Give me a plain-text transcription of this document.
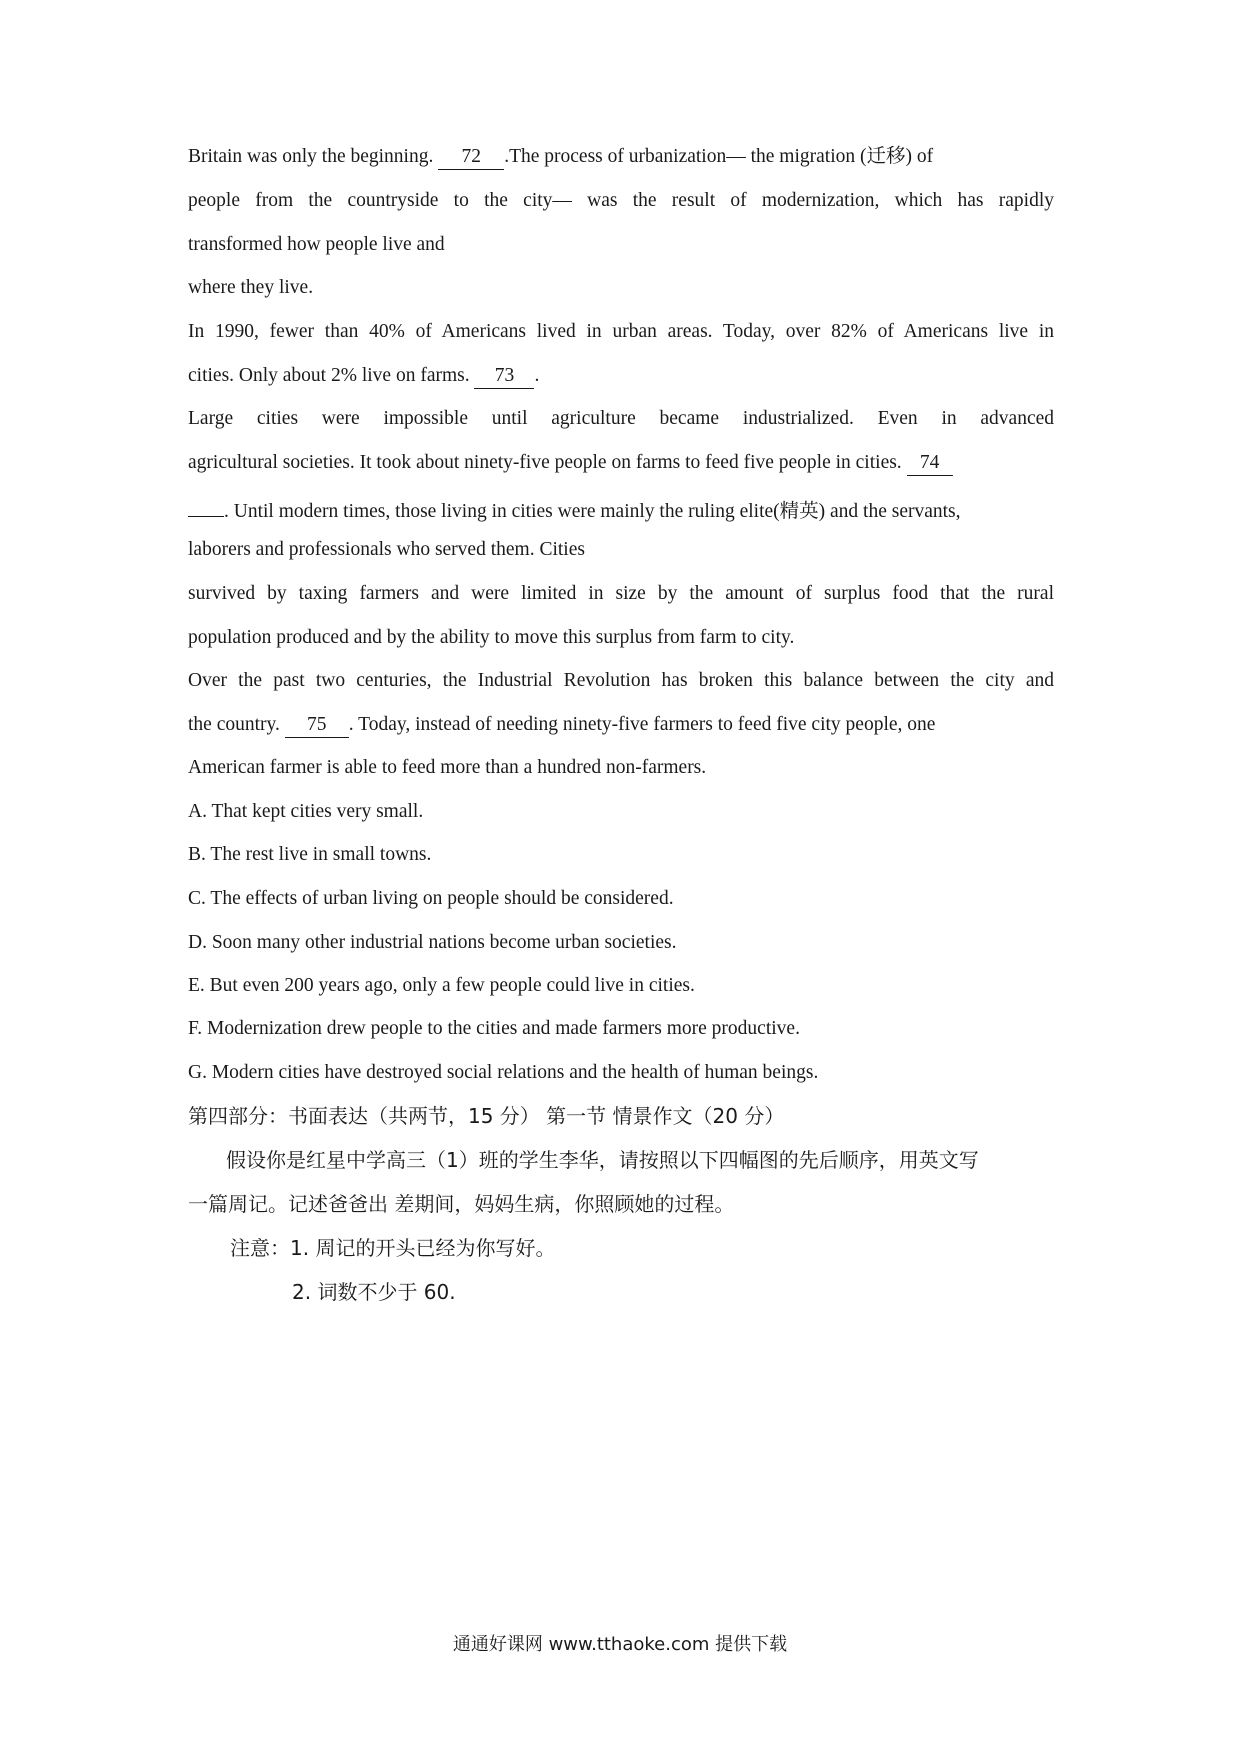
Britain was only the beginning. 72 .The process of urbanization— the migration (迁移) of
people from the countryside to the city— was the result of modernization, which has rapidly
transformed how people live and
where they live.
In 1990, fewer than 40% of Americans lived in urban areas. Today, over 82% of Americans live in
cities. Only about 2% live on farms. 73 .
Large cities were impossible until agriculture became industrialized. Even in advanced
agricultural societies. It took about ninety-five people on farms to feed five people in cities. 74
. Until modern times, those living in cities were mainly the ruling elite(精英) and the servants,
laborers and professionals who served them. Cities
survived by taxing farmers and were limited in size by the amount of surplus food that the rural
population produced and by the ability to move this surplus from farm to city.
Over the past two centuries, the Industrial Revolution has broken this balance between the city and
the country. 75 . Today, instead of needing ninety-five farmers to feed five city people, one
American farmer is able to feed more than a hundred non-farmers.
A. That kept cities very small.
B. The rest live in small towns.
C. The effects of urban living on people should be considered.
D. Soon many other industrial nations become urban societies.
E. But even 200 years ago, only a few people could live in cities.
F. Modernization drew people to the cities and made farmers more productive.
G. Modern cities have destroyed social relations and the health of human beings.
第四部分：书面表达（共两节，15 分） 第一节 情景作文（20 分）
假设你是红星中学高三（1）班的学生李华，请按照以下四幅图的先后顺序，用英文写
一篇周记。记述爸爸出 差期间，妈妈生病，你照顾她的过程。
注意：1. 周记的开头已经为你写好。
2. 词数不少于 60.
通通好课网 www.tthaoke.com 提供下载
